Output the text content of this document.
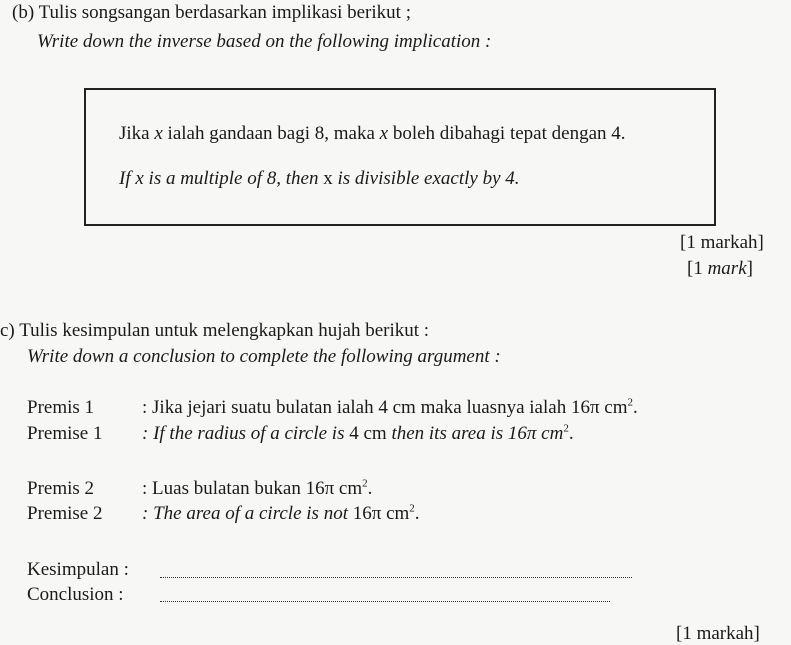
(b) Tulis songsangan berdasarkan implikasi berikut ;
Write down the inverse based on the following implication :
Jika x ialah gandaan bagi 8, maka x boleh dibahagi tepat dengan 4.
If x is a multiple of 8, then x is divisible exactly by 4.
[1 markah]
[1 mark]
c) Tulis kesimpulan untuk melengkapkan hujah berikut :
Write down a conclusion to complete the following argument :
Premis 1	: Jika jejari suatu bulatan ialah 4 cm maka luasnya ialah 16π $cm^2$.
Premise 1 : If the radius of a circle is 4 cm then its area is 16π $cm^2$.
Premis 2	: Luas bulatan bukan 16π $cm^2$.
Premise 2 : The area of a circle is not 16π $cm^2$.
Kesimpulan :
Conclusion :
[1 markah]
